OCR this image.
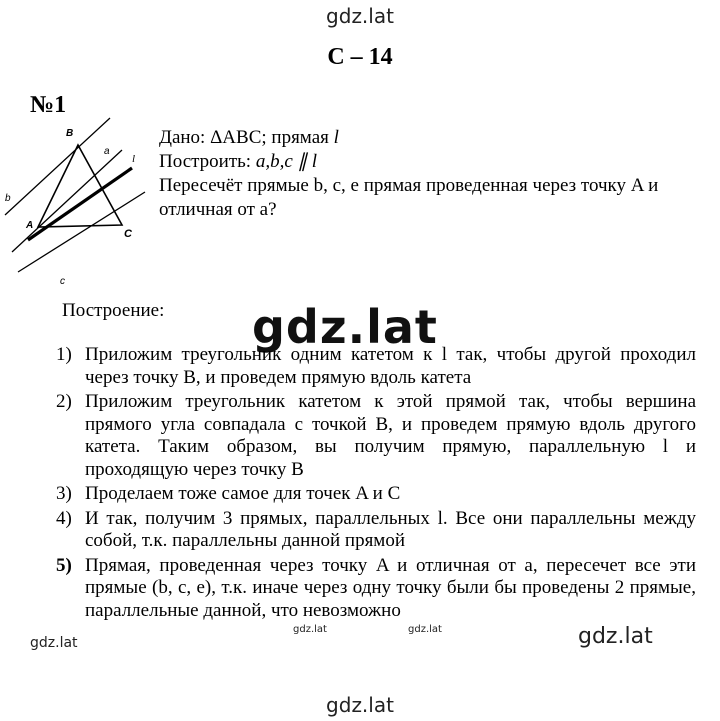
gdz.lat
С – 14
№1
B
A
C
a
b
c
l
Дано: ΔABC; прямая l
Построить: a,b,c ∥ l
Пересечёт прямые b, c, e прямая проведенная через точку A и отличная от a?
Построение: gdz.lat
1) Приложим треугольник одним катетом к l так, чтобы другой проходил через точку B, и проведем прямую вдоль катета
2) Приложим треугольник катетом к этой прямой так, чтобы вершина прямого угла совпадала с точкой B, и проведем прямую вдоль другого катета. Таким образом, вы получим прямую, параллельную l и проходящую через точку B
3) Проделаем тоже самое для точек A и C
4) И так, получим 3 прямых, параллельных l. Все они параллельны между собой, т.к. параллельны данной прямой
5) Прямая, проведенная через точку A и отличная от a, пересечет все эти прямые (b, c, e), т.к. иначе через одну точку были бы проведены 2 прямые, параллельные данной, что невозможно
gdz.lat
gdz.lat	gdz.lat	gdz.lat
gdz.lat
